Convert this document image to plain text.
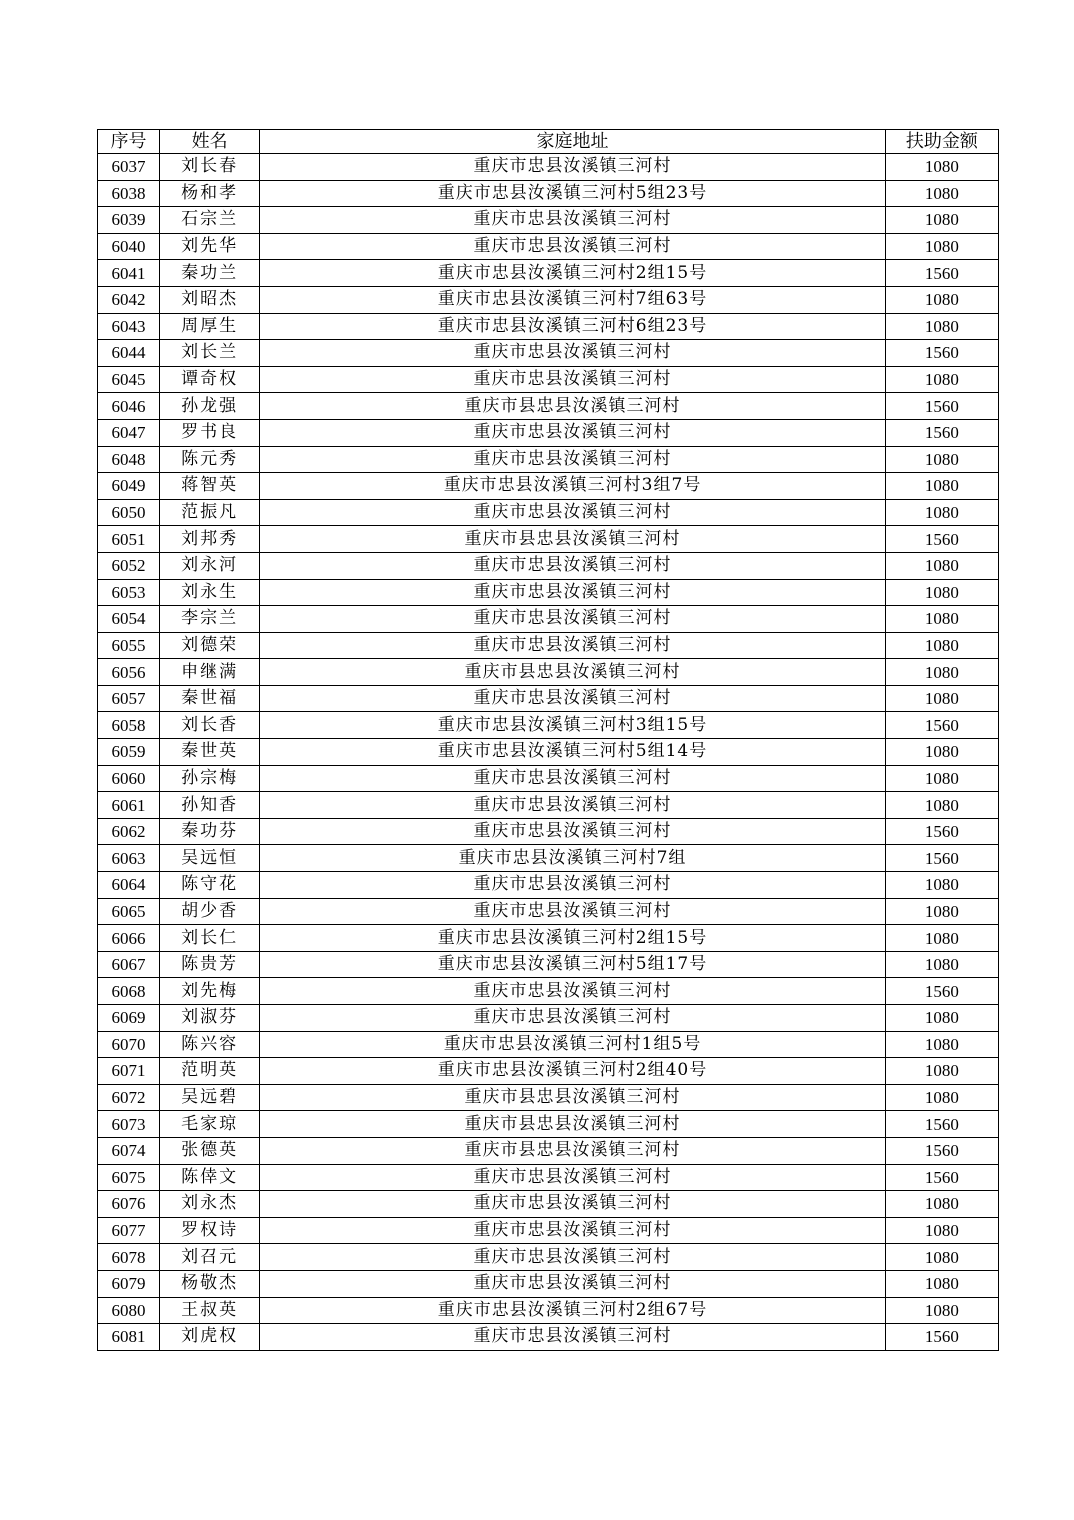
序号	姓名	家庭地址	扶助金额
6037	刘长春	重庆市忠县汝溪镇三河村	1080
6038	杨和孝	重庆市忠县汝溪镇三河村5组23号	1080
6039	石宗兰	重庆市忠县汝溪镇三河村	1080
6040	刘先华	重庆市忠县汝溪镇三河村	1080
6041	秦功兰	重庆市忠县汝溪镇三河村2组15号	1560
6042	刘昭杰	重庆市忠县汝溪镇三河村7组63号	1080
6043	周厚生	重庆市忠县汝溪镇三河村6组23号	1080
6044	刘长兰	重庆市忠县汝溪镇三河村	1560
6045	谭奇权	重庆市忠县汝溪镇三河村	1080
6046	孙龙强	重庆市县忠县汝溪镇三河村	1560
6047	罗书良	重庆市忠县汝溪镇三河村	1560
6048	陈元秀	重庆市忠县汝溪镇三河村	1080
6049	蒋智英	重庆市忠县汝溪镇三河村3组7号	1080
6050	范振凡	重庆市忠县汝溪镇三河村	1080
6051	刘邦秀	重庆市县忠县汝溪镇三河村	1560
6052	刘永河	重庆市忠县汝溪镇三河村	1080
6053	刘永生	重庆市忠县汝溪镇三河村	1080
6054	李宗兰	重庆市忠县汝溪镇三河村	1080
6055	刘德荣	重庆市忠县汝溪镇三河村	1080
6056	申继满	重庆市县忠县汝溪镇三河村	1080
6057	秦世福	重庆市忠县汝溪镇三河村	1080
6058	刘长香	重庆市忠县汝溪镇三河村3组15号	1560
6059	秦世英	重庆市忠县汝溪镇三河村5组14号	1080
6060	孙宗梅	重庆市忠县汝溪镇三河村	1080
6061	孙知香	重庆市忠县汝溪镇三河村	1080
6062	秦功芬	重庆市忠县汝溪镇三河村	1560
6063	吴远恒	重庆市忠县汝溪镇三河村7组	1560
6064	陈守花	重庆市忠县汝溪镇三河村	1080
6065	胡少香	重庆市忠县汝溪镇三河村	1080
6066	刘长仁	重庆市忠县汝溪镇三河村2组15号	1080
6067	陈贵芳	重庆市忠县汝溪镇三河村5组17号	1080
6068	刘先梅	重庆市忠县汝溪镇三河村	1560
6069	刘淑芬	重庆市忠县汝溪镇三河村	1080
6070	陈兴容	重庆市忠县汝溪镇三河村1组5号	1080
6071	范明英	重庆市忠县汝溪镇三河村2组40号	1080
6072	吴远碧	重庆市县忠县汝溪镇三河村	1080
6073	毛家琼	重庆市县忠县汝溪镇三河村	1560
6074	张德英	重庆市县忠县汝溪镇三河村	1560
6075	陈倖文	重庆市忠县汝溪镇三河村	1560
6076	刘永杰	重庆市忠县汝溪镇三河村	1080
6077	罗权诗	重庆市忠县汝溪镇三河村	1080
6078	刘召元	重庆市忠县汝溪镇三河村	1080
6079	杨敬杰	重庆市忠县汝溪镇三河村	1080
6080	王叔英	重庆市忠县汝溪镇三河村2组67号	1080
6081	刘虎权	重庆市忠县汝溪镇三河村	1560
